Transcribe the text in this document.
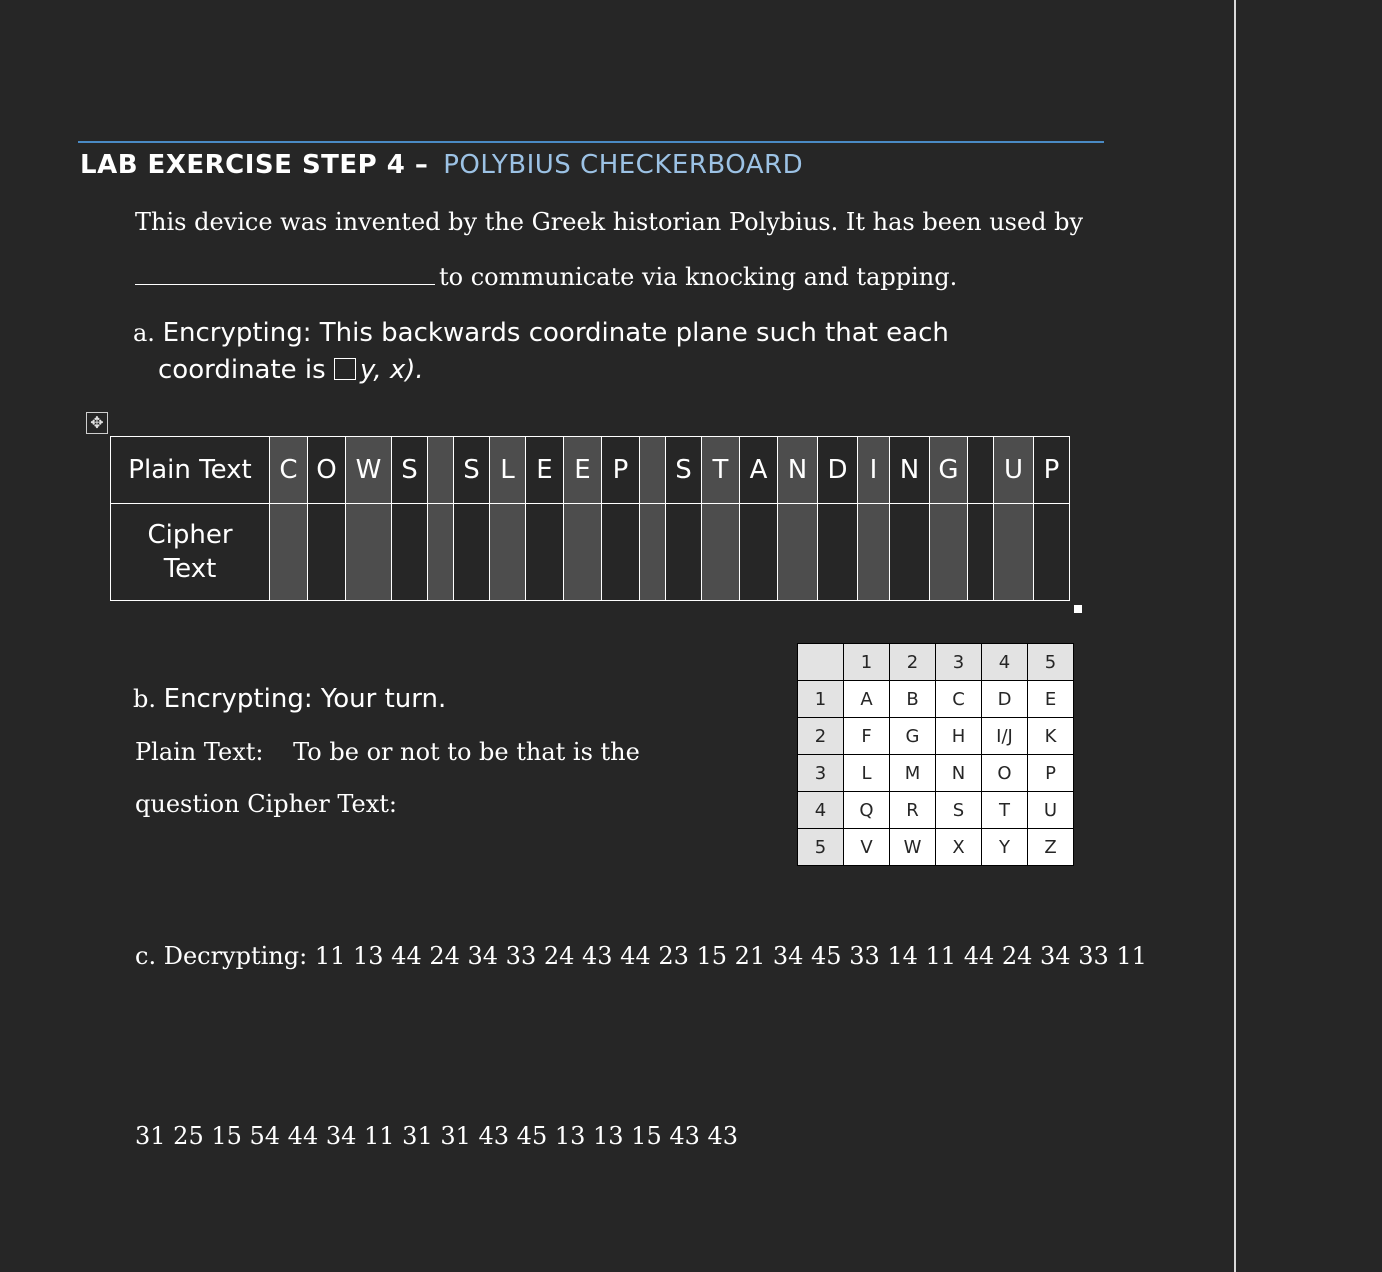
LAB EXERCISE STEP 4 – POLYBIUS CHECKERBOARD
This device was invented by the Greek historian Polybius. It has been used by
to communicate via knocking and tapping.
a. Encrypting: This backwards coordinate plane such that each
coordinate is y, x).
✥
Plain Text	C	O	W	S		S	L	E	E	P		S	T	A	N	D	I	N	G		U	P
Cipher
Text																						
b. Encrypting: Your turn.
Plain Text: To be or not to be that is the
question Cipher Text:
	1	2	3	4	5
1	A	B	C	D	E
2	F	G	H	I/J	K
3	L	M	N	O	P
4	Q	R	S	T	U
5	V	W	X	Y	Z
c. Decrypting: 11 13 44 24 34 33 24 43 44 23 15 21 34 45 33 14 11 44 24 34 33 11
31 25 15 54 44 34 11 31 31 43 45 13 13 15 43 43
